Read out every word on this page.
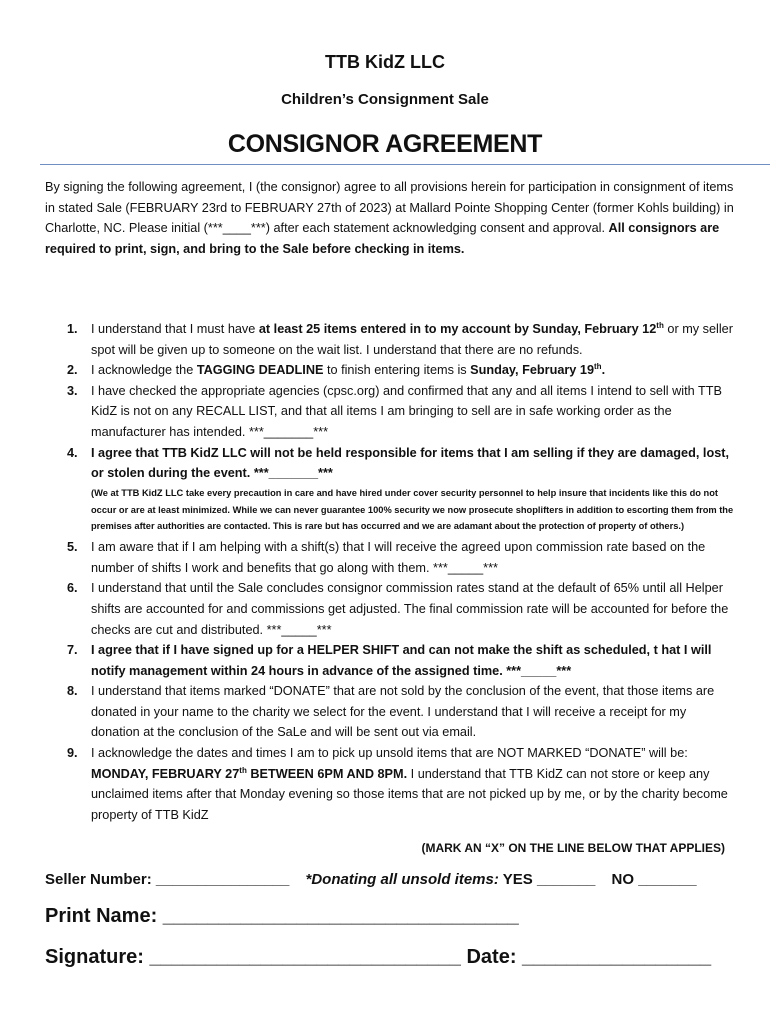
TTB KidZ LLC
Children’s Consignment Sale
CONSIGNOR AGREEMENT
By signing the following agreement, I (the consignor) agree to all provisions herein for participation in consignment of items in stated Sale (FEBRUARY 23rd to FEBRUARY 27th of 2023) at Mallard Pointe Shopping Center (former Kohls building) in Charlotte, NC. Please initial (***____***) after each statement acknowledging consent and approval. All consignors are required to print, sign, and bring to the Sale before checking in items.
1. I understand that I must have at least 25 items entered in to my account by Sunday, February 12th or my seller spot will be given up to someone on the wait list. I understand that there are no refunds.
2. I acknowledge the TAGGING DEADLINE to finish entering items is Sunday, February 19th.
3. I have checked the appropriate agencies (cpsc.org) and confirmed that any and all items I intend to sell with TTB KidZ is not on any RECALL LIST, and that all items I am bringing to sell are in safe working order as the manufacturer has intended. ***_______***
4. I agree that TTB KidZ LLC will not be held responsible for items that I am selling if they are damaged, lost, or stolen during the event. ***_______***
(We at TTB KidZ LLC take every precaution in care and have hired under cover security personnel to help insure that incidents like this do not occur or are at least minimized. While we can never guarantee 100% security we now prosecute shoplifters in addition to escorting them from the premises after authorities are contacted. This is rare but has occurred and we are adamant about the protection of property of others.)
5. I am aware that if I am helping with a shift(s) that I will receive the agreed upon commission rate based on the number of shifts I work and benefits that go along with them. ***_____***
6. I understand that until the Sale concludes consignor commission rates stand at the default of 65% until all Helper shifts are accounted for and commissions get adjusted. The final commission rate will be accounted for before the checks are cut and distributed. ***_____***
7. I agree that if I have signed up for a HELPER SHIFT and can not make the shift as scheduled, t hat I will notify management within 24 hours in advance of the assigned time. ***_____***
8. I understand that items marked “DONATE” that are not sold by the conclusion of the event, that those items are donated in your name to the charity we select for the event. I understand that I will receive a receipt for my donation at the conclusion of the SaLe and will be sent out via email.
9. I acknowledge the dates and times I am to pick up unsold items that are NOT MARKED “DONATE” will be: MONDAY, FEBRUARY 27th BETWEEN 6PM AND 8PM. I understand that TTB KidZ can not store or keep any unclaimed items after that Monday evening so those items that are not picked up by me, or by the charity become property of TTB KidZ
(MARK AN “X” ON THE LINE BELOW THAT APPLIES)
Seller Number: ________________ *Donating all unsold items: YES _______ NO _______
Print Name: ________________________________
Signature: ____________________________ Date: _________________
